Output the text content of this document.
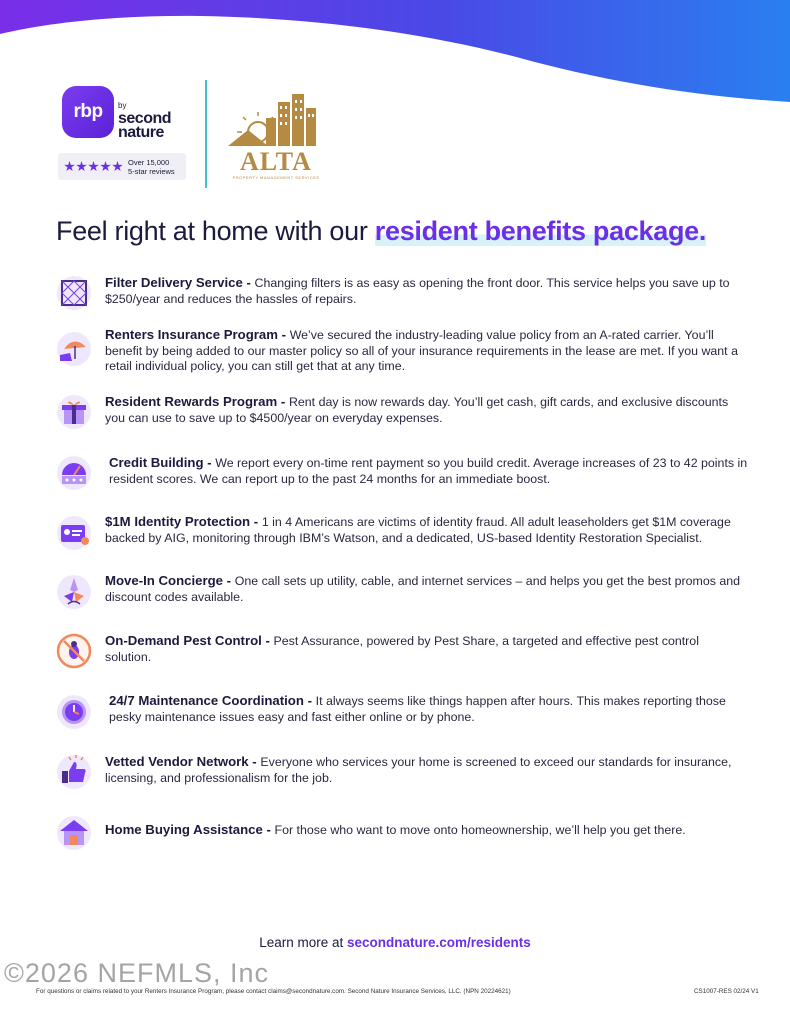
rbp by
second
nature
Over 15,000
5-star reviews	ALTA
PROPERTY MANAGEMENT SERVICES
Feel right at home with our resident benefits package.
Filter Delivery Service - Changing filters is as easy as opening the front door. This service helps you save up to $250/year and reduces the hassles of repairs.
Renters Insurance Program - We’ve secured the industry-leading value policy from an A-rated carrier. You’ll benefit by being added to our master policy so all of your insurance requirements in the lease are met. If you want a retail individual policy, you can still get that at any time.
Resident Rewards Program - Rent day is now rewards day. You’ll get cash, gift cards, and exclusive discounts you can use to save up to $4500/year on everyday expenses.
Credit Building - We report every on-time rent payment so you build credit. Average increases of 23 to 42 points in resident scores. We can report up to the past 24 months for an immediate boost.
$1M Identity Protection - 1 in 4 Americans are victims of identity fraud. All adult leaseholders get $1M coverage backed by AIG, monitoring through IBM’s Watson, and a dedicated, US-based Identity Restoration Specialist.
Move-In Concierge - One call sets up utility, cable, and internet services – and helps you get the best promos and discount codes available.
On-Demand Pest Control - Pest Assurance, powered by Pest Share, a targeted and effective pest control solution.
24/7 Maintenance Coordination - It always seems like things happen after hours. This makes reporting those pesky maintenance issues easy and fast either online or by phone.
Vetted Vendor Network - Everyone who services your home is screened to exceed our standards for insurance, licensing, and professionalism for the job.
Home Buying Assistance - For those who want to move onto homeownership, we’ll help you get there.
Learn more at secondnature.com/residents
©2026 NEFMLS, Inc
For questions or claims related to your Renters Insurance Program, please contact claims@secondnature.com. Second Nature Insurance Services, LLC. (NPN 20224621)	CS1007-RES 02/24 V1
